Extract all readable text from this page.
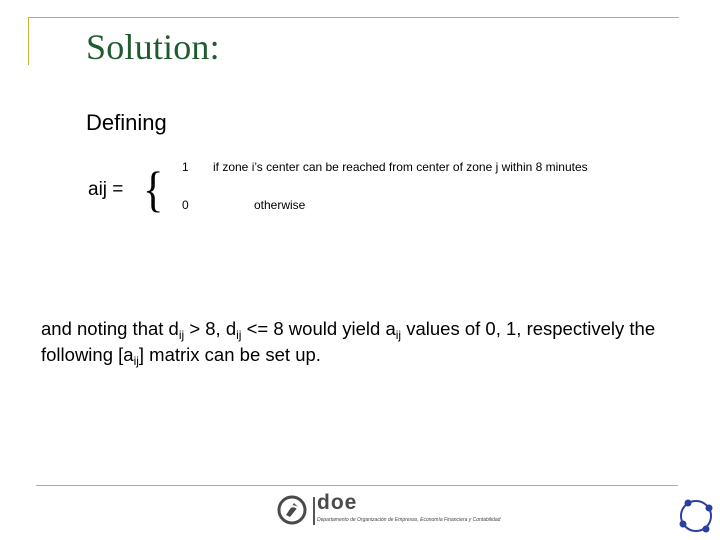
Solution:
Defining
aij = { 1 if zone i’s center can be reached from center of zone j within 8 minutes
0	otherwise
and noting that $d_{ij} > 8$, $d_{ij} <= 8$ would yield $a_{ij}$ values of 0, 1, respectively the following $[a_{ij}]$ matrix can be set up.
doe
Departamento de Organización de Empresas, Economía Financiera y Contabilidad
